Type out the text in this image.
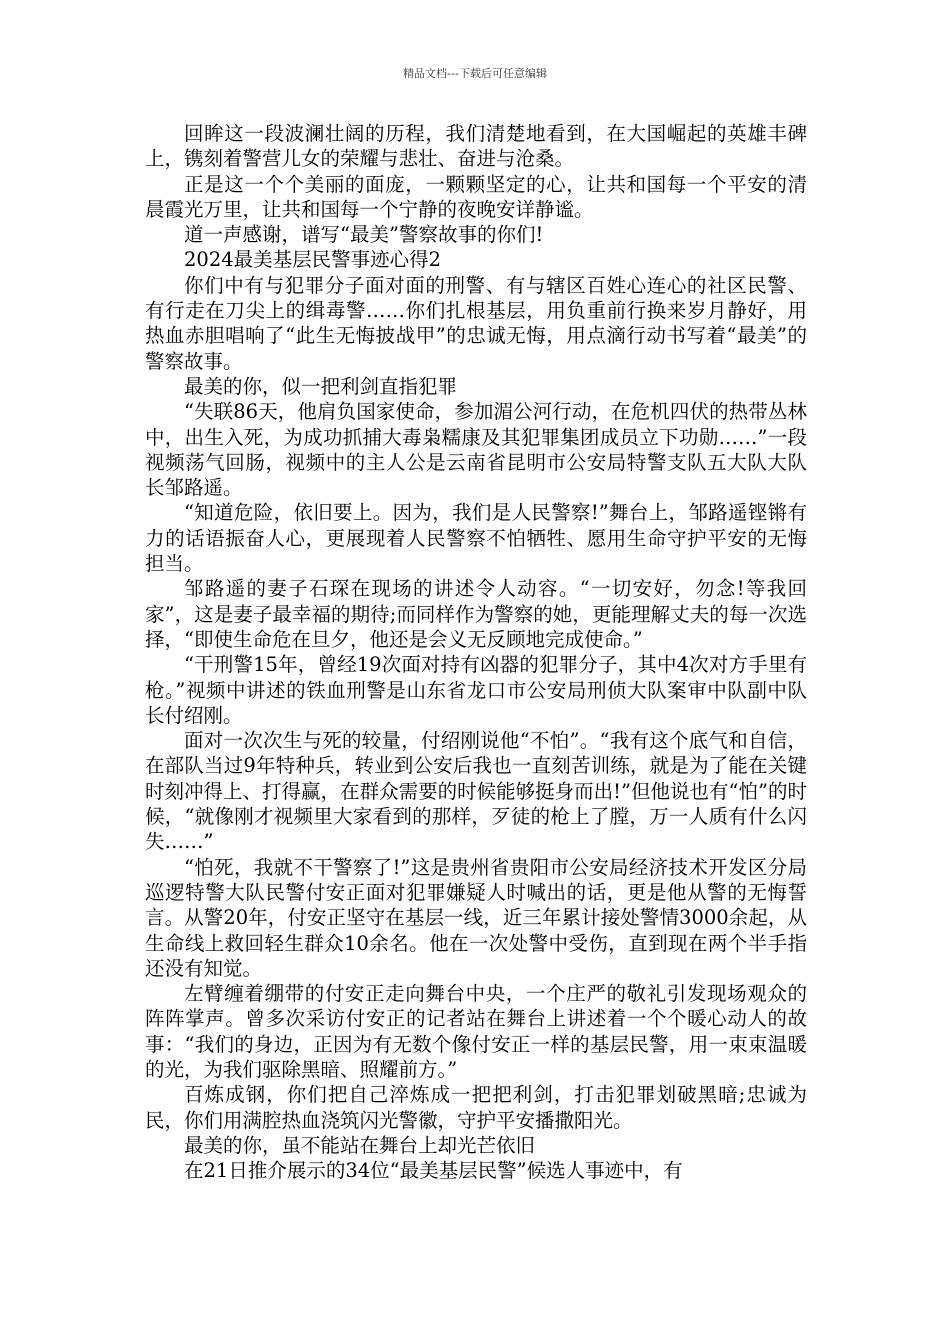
精品文档---下载后可任意编辑

回眸这一段波澜壮阔的历程，我们清楚地看到，在大国崛起的英雄丰碑上，镌刻着警营儿女的荣耀与悲壮、奋进与沧桑。

正是这一个个美丽的面庞，一颗颗坚定的心，让共和国每一个平安的清晨霞光万里，让共和国每一个宁静的夜晚安详静谧。

道一声感谢，谱写“最美”警察故事的你们!

2024最美基层民警事迹心得2

你们中有与犯罪分子面对面的刑警、有与辖区百姓心连心的社区民警、有行走在刀尖上的缉毒警……你们扎根基层，用负重前行换来岁月静好，用热血赤胆唱响了“此生无悔披战甲”的忠诚无悔，用点滴行动书写着“最美”的警察故事。

最美的你，似一把利剑直指犯罪

“失联86天，他肩负国家使命，参加湄公河行动，在危机四伏的热带丛林中，出生入死，为成功抓捕大毒枭糯康及其犯罪集团成员立下功勋……”一段视频荡气回肠，视频中的主人公是云南省昆明市公安局特警支队五大队大队长邹路遥。

“知道危险，依旧要上。因为，我们是人民警察!”舞台上，邹路遥铿锵有力的话语振奋人心，更展现着人民警察不怕牺牲、愿用生命守护平安的无悔担当。

邹路遥的妻子石琛在现场的讲述令人动容。“一切安好，勿念!等我回家”，这是妻子最幸福的期待;而同样作为警察的她，更能理解丈夫的每一次选择，“即使生命危在旦夕，他还是会义无反顾地完成使命。”

“干刑警15年，曾经19次面对持有凶器的犯罪分子，其中4次对方手里有枪。”视频中讲述的铁血刑警是山东省龙口市公安局刑侦大队案审中队副中队长付绍刚。

面对一次次生与死的较量，付绍刚说他“不怕”。“我有这个底气和自信，在部队当过9年特种兵，转业到公安后我也一直刻苦训练，就是为了能在关键时刻冲得上、打得赢，在群众需要的时候能够挺身而出!”但他说也有“怕”的时候，“就像刚才视频里大家看到的那样，歹徒的枪上了膛，万一人质有什么闪失……”

“怕死，我就不干警察了!”这是贵州省贵阳市公安局经济技术开发区分局巡逻特警大队民警付安正面对犯罪嫌疑人时喊出的话，更是他从警的无悔誓言。从警20年，付安正坚守在基层一线，近三年累计接处警情3000余起，从生命线上救回轻生群众10余名。他在一次处警中受伤，直到现在两个半手指还没有知觉。

左臂缠着绷带的付安正走向舞台中央，一个庄严的敬礼引发现场观众的阵阵掌声。曾多次采访付安正的记者站在舞台上讲述着一个个暖心动人的故事：“我们的身边，正因为有无数个像付安正一样的基层民警，用一束束温暖的光，为我们驱除黑暗、照耀前方。”

百炼成钢，你们把自己淬炼成一把把利剑，打击犯罪划破黑暗;忠诚为民，你们用满腔热血浇筑闪光警徽，守护平安播撒阳光。

最美的你，虽不能站在舞台上却光芒依旧

在21日推介展示的34位“最美基层民警”候选人事迹中，有
